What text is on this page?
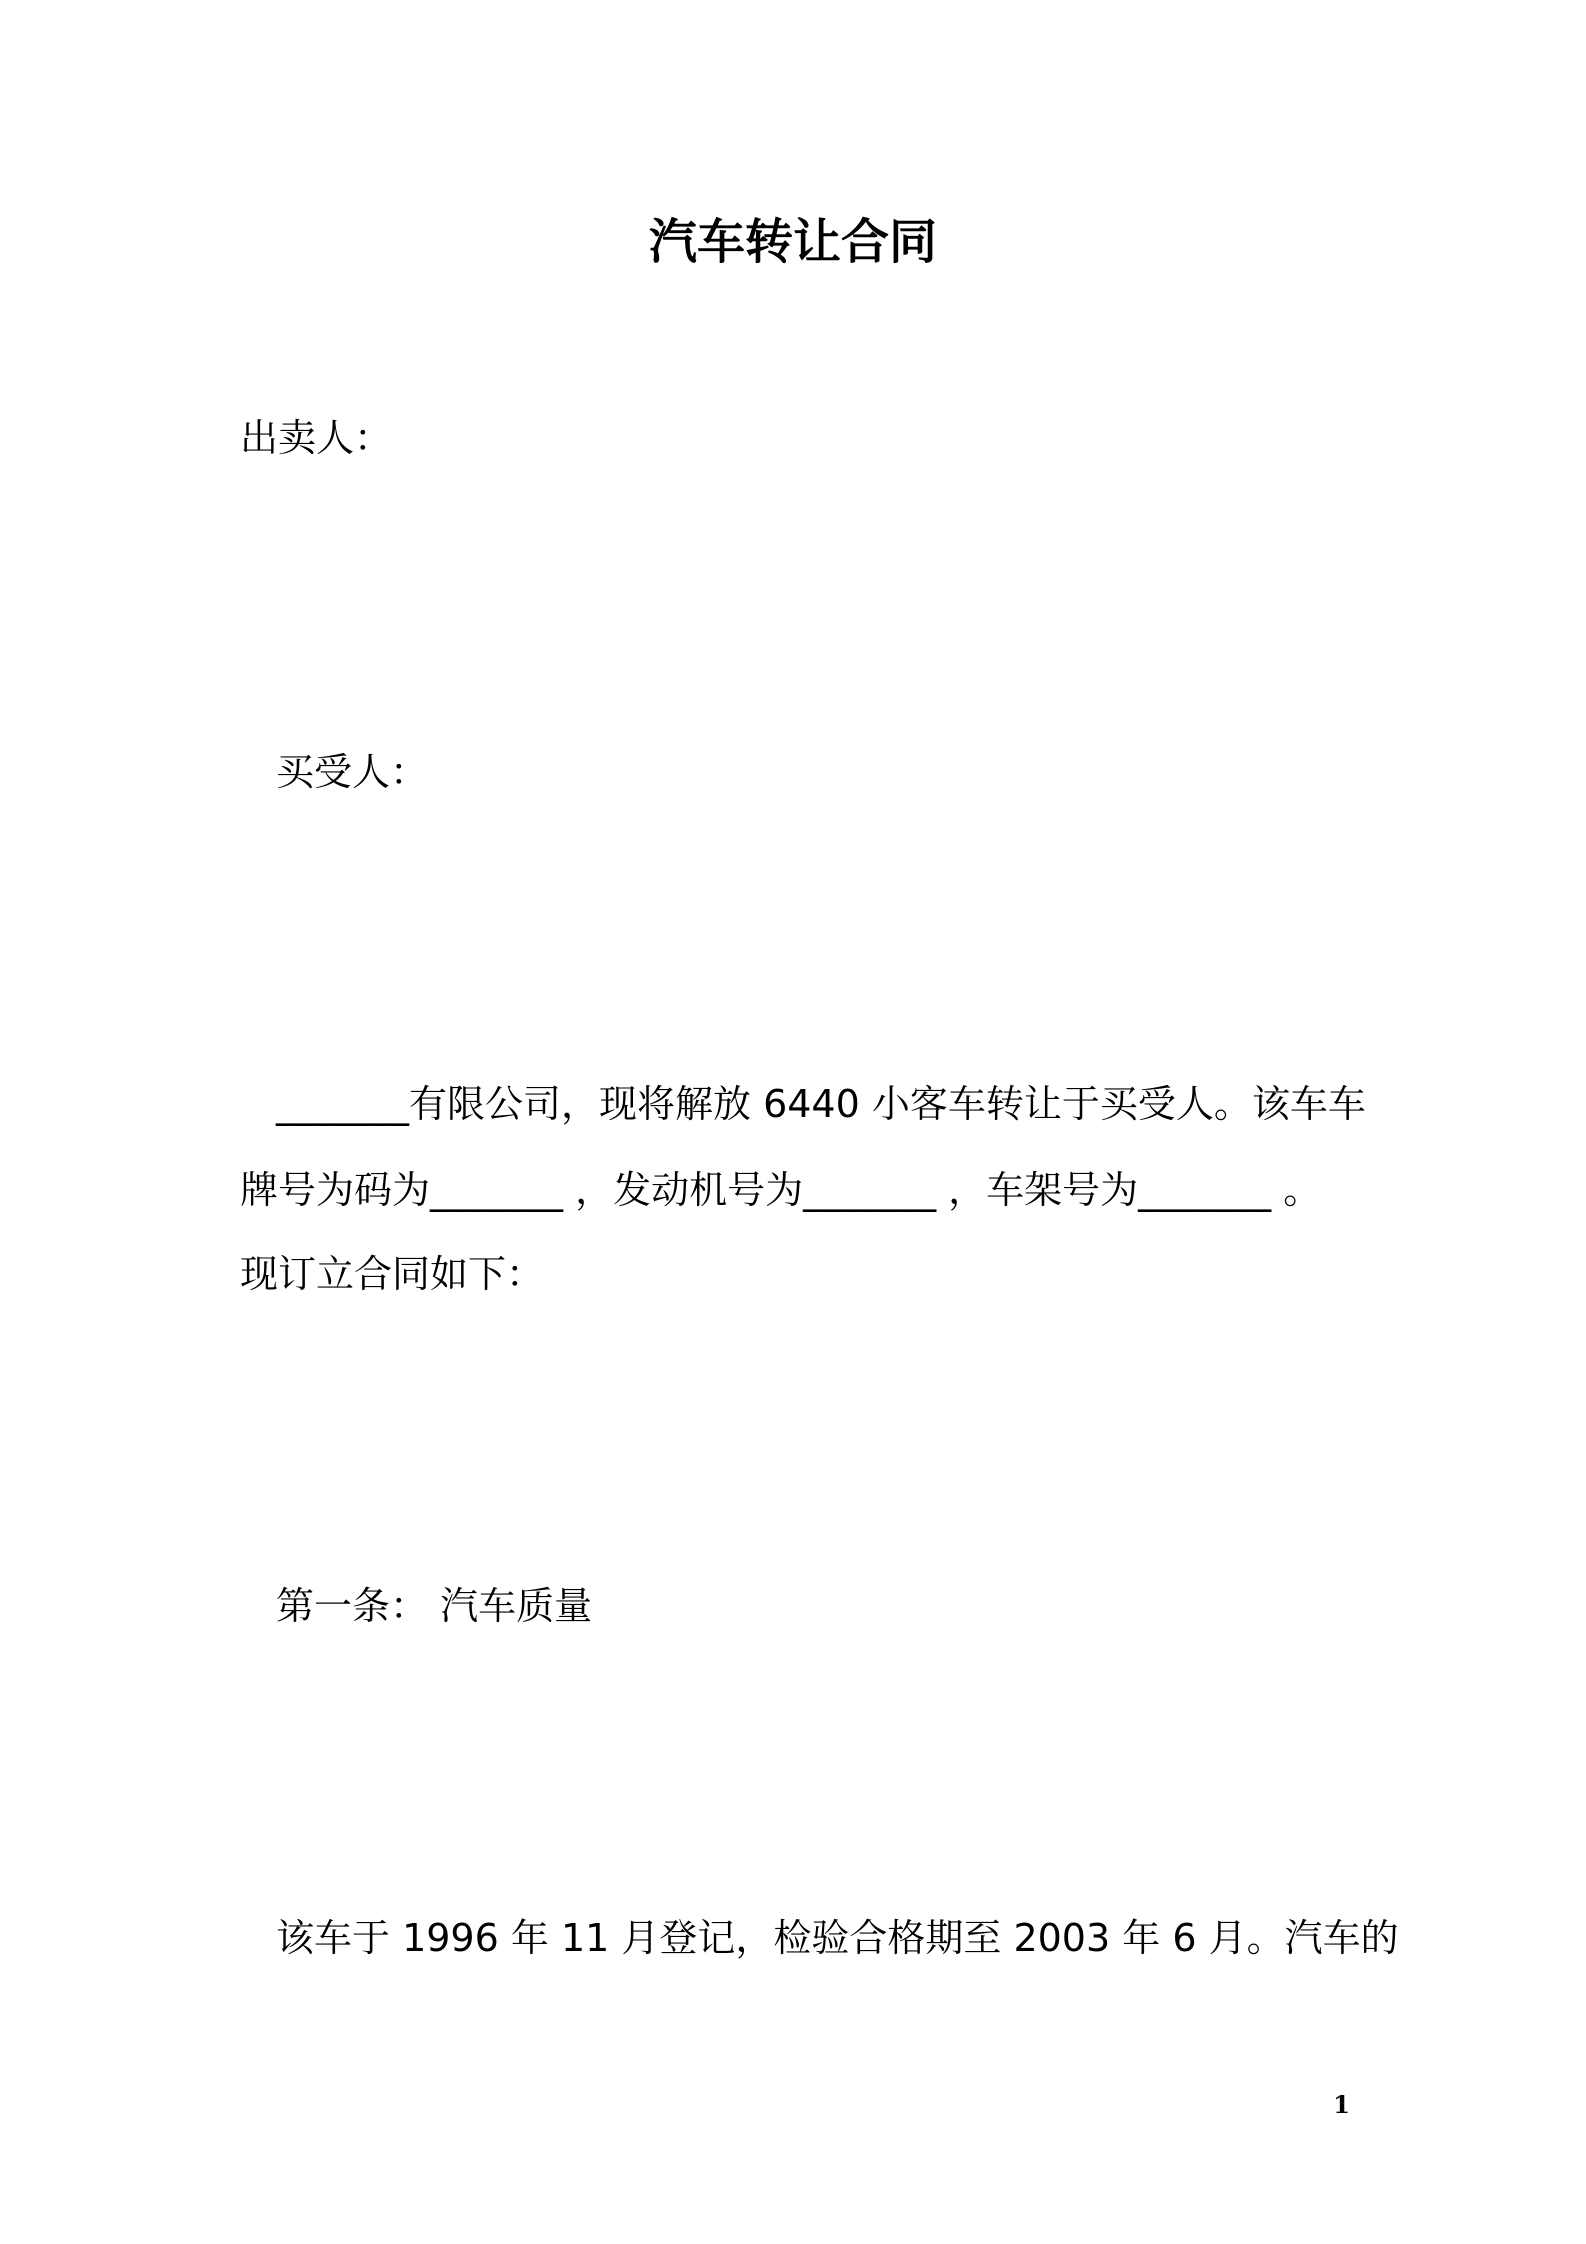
汽车转让合同
出卖人：
买受人：
_______有限公司，现将解放 6440 小客车转让于买受人。该车车
牌号为码为_______ ，发动机号为_______ ，车架号为_______ 。
现订立合同如下：
第一条： 汽车质量
该车于 1996 年 11 月登记，检验合格期至 2003 年 6 月。汽车的
1
